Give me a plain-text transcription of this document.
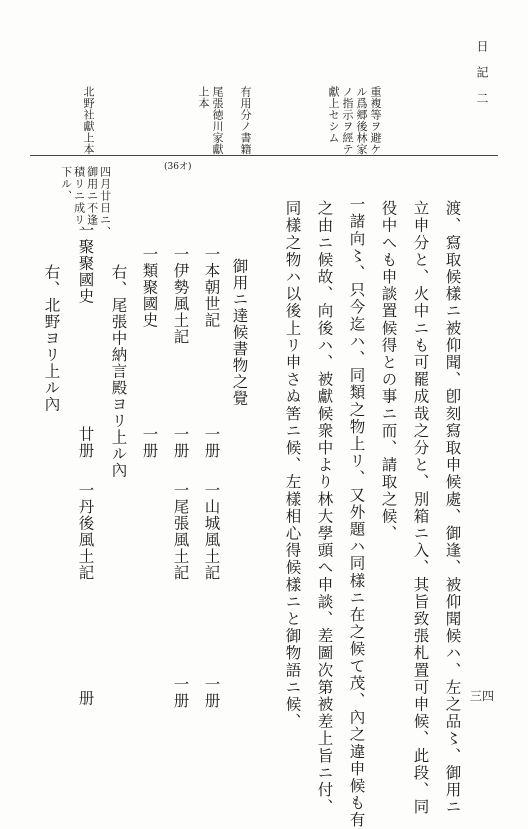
日記二
三四
重複等ヲ避ケ
ル爲郷後林家
ノ指示ヲ經テ
獻上セシム
有用分ノ書籍
尾張徳川家獻
上本
北野社獻上本
(36オ)
渡、寫取候樣ニ被仰聞、卽刻寫取申候處、御逢、被仰聞候ハ、左之品〻、御用ニ
立申分と、火中ニも可罷成哉之分と、別箱ニ入、其旨致張札置可申候、此段、同
役中へも申談置候得との事ニ而、請取之候、
一諸向〻、只今迄ハ、同類之物上リ、又外題ハ同樣ニ在之候て茂、內之違申候も有
之由ニ候故、向後ハ、被獻候衆中より林大學頭へ申談、差圖次第被差上旨ニ付、
同樣之物ハ以後上リ申さぬ筈ニ候、左樣相心得候樣ニと御物語ニ候、
御用ニ達候書物之覺
一本朝世記
一册
一伊勢風土記
一册
一類聚國史
一册
一山城風土記
一册
一尾張風土記
一册
一丹後風土記
册
右、尾張中納言殿ヨリ上ル內
廿册
四月廿日ニ、
御用ニ不逢
積リニ成リ、
下ル、
一聚聚國史
右、北野ヨリ上ル內
